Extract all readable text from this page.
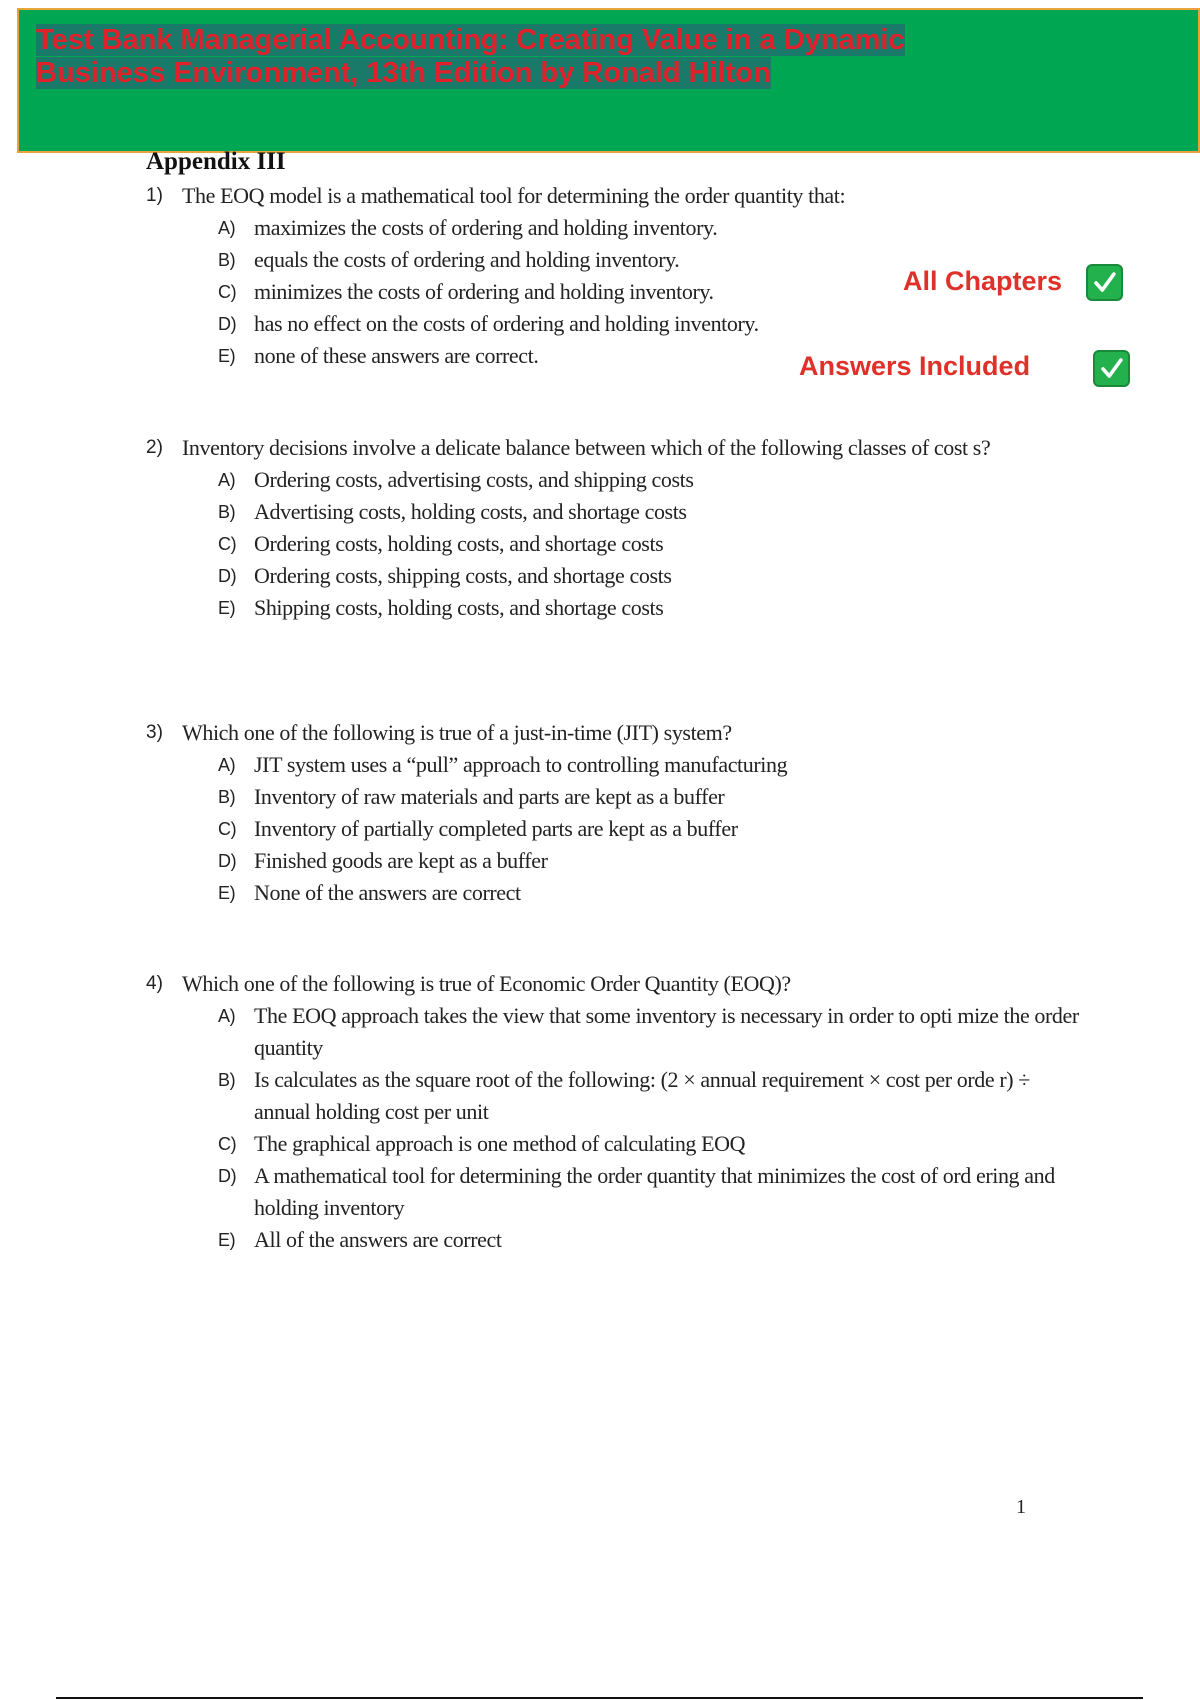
Test Bank Managerial Accounting: Creating Value in a Dynamic Business Environment, 13th Edition by Ronald Hilton
Appendix III
All Chapters
Answers Included
1) The EOQ model is a mathematical tool for determining the order quantity that:
A) maximizes the costs of ordering and holding inventory.
B) equals the costs of ordering and holding inventory.
C) minimizes the costs of ordering and holding inventory.
D) has no effect on the costs of ordering and holding inventory.
E) none of these answers are correct.
2) Inventory decisions involve a delicate balance between which of the following classes of cost s?
A) Ordering costs, advertising costs, and shipping costs
B) Advertising costs, holding costs, and shortage costs
C) Ordering costs, holding costs, and shortage costs
D) Ordering costs, shipping costs, and shortage costs
E) Shipping costs, holding costs, and shortage costs
3) Which one of the following is true of a just-in-time (JIT) system?
A) JIT system uses a “pull” approach to controlling manufacturing
B) Inventory of raw materials and parts are kept as a buffer
C) Inventory of partially completed parts are kept as a buffer
D) Finished goods are kept as a buffer
E) None of the answers are correct
4) Which one of the following is true of Economic Order Quantity (EOQ)?
A) The EOQ approach takes the view that some inventory is necessary in order to opti mize the order quantity
B) Is calculates as the square root of the following: (2 × annual requirement × cost per orde r) ÷ annual holding cost per unit
C) The graphical approach is one method of calculating EOQ
D) A mathematical tool for determining the order quantity that minimizes the cost of ord ering and holding inventory
E) All of the answers are correct
1
